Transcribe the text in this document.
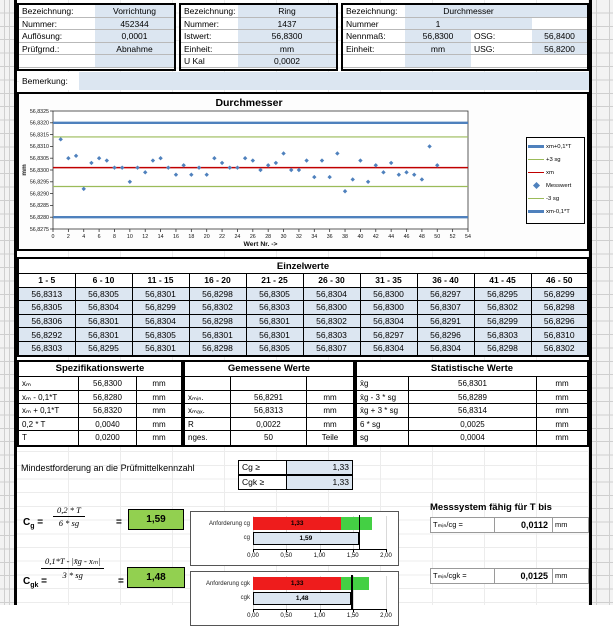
Bezeichnung:	Vorrichtung
Nummer:	452344
Auflösung:	0,0001
Prüfgrnd.:	Abnahme
Bezeichnung:	Ring
Nummer:	1437
Istwert:	56,8300
Einheit:	mm
U Kal	0,0002
Bezeichnung:	Durchmesser
Nummer	1
Nennmaß:	56,8300	OSG:	56,8400
Einheit:	mm	USG:	56,8200
Bemerkung:
Durchmesser
56,8325
56,8320
56,8315
56,8310
56,8305
56,8300
56,8295
56,8290
56,8285
56,8280
56,8275
0 2 4 6 8 10 12 14 16 18 20 22 24 26 28 30 32 34 36 38 40 42 44 46 48 50 52 54
mm
Wert Nr. ->
xm+0,1*T
+3 sg
xm
Messwert
-3 sg
xm-0,1*T
Einzelwerte									
1 - 5	6 - 10	11 - 15	16 - 20	21 - 25	26 - 30	31 - 35	36 - 40	41 - 45	46 - 50
56,8313	56,8305	56,8301	56,8298	56,8305	56,8304	56,8300	56,8297	56,8295	56,8299
56,8305	56,8304	56,8299	56,8302	56,8303	56,8300	56,8300	56,8307	56,8302	56,8298
56,8306	56,8301	56,8304	56,8298	56,8301	56,8302	56,8304	56,8291	56,8299	56,8296
56,8292	56,8301	56,8305	56,8301	56,8301	56,8303	56,8297	56,8296	56,8303	56,8310
56,8303	56,8295	56,8301	56,8298	56,8305	56,8307	56,8304	56,8304	56,8298	56,8302
Spezifikationswerte
xₘ	56,8300	mm
xₘ - 0,1*T	56,8280	mm
xₘ + 0,1*T	56,8320	mm
0,2 * T	0,0040	mm
T	0,0200	mm
Gemessene Werte
xₘᵢₙ.	56,8291	mm
xₘₐₓ.	56,8313	mm
R	0,0022	mm
nges.	50	Teile
Statistische Werte
x̄g	56,8301	mm
x̄g - 3 * sg	56,8289	mm
x̄g + 3 * sg	56,8314	mm
6 * sg	0,0025	mm
sg	0,0004	mm
Mindestforderung an die Prüfmittelkennzahl	Cg ≥	1,33
Cgk ≥	1,33
$C_g = \frac{0,2 * T}{6 * sg}$	=	1,59
$C_{gk}$ =
$\frac{\text{0,1*T - |x̄g - xₘ|}}{3 * sg}$
=	1,48
Anforderung cg
cg
1,33
1,59
0,00	0,50	1,00	1,50	2,00
Anforderung cgk
cgk
1,33
1,48
0,00	0,50	1,00	1,50	2,00
Messsystem fähig für T bis
Tₘᵢₙ/cg =	0,0112 mm
Tₘᵢₙ/cgk =	0,0125 mm
